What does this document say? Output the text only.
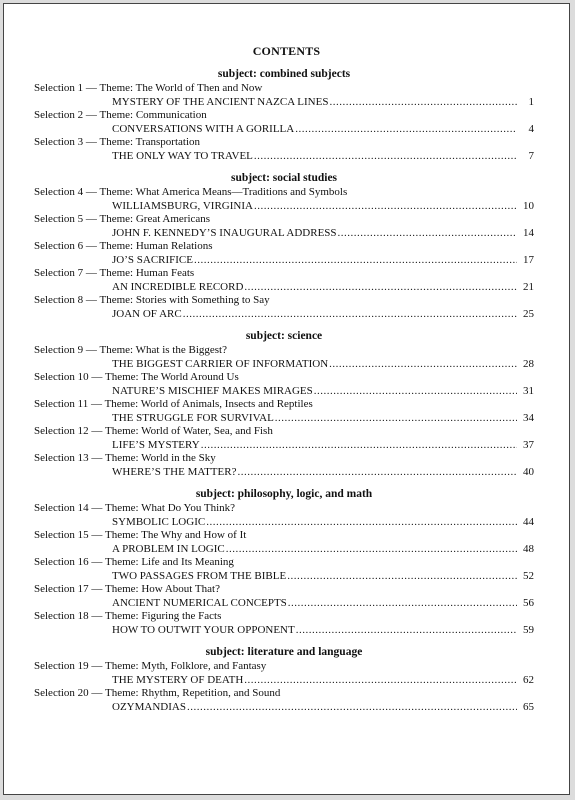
CONTENTS
subject: combined subjects
Selection 1 — Theme: The World of Then and Now
MYSTERY OF THE ANCIENT NAZCA LINES .....	1
Selection 2 — Theme: Communication
CONVERSATIONS WITH A GORILLA .....	4
Selection 3 — Theme: Transportation
THE ONLY WAY TO TRAVEL .....	7
subject: social studies
Selection 4 — Theme: What America Means—Traditions and Symbols
WILLIAMSBURG, VIRGINIA .....	10
Selection 5 — Theme: Great Americans
JOHN F. KENNEDY’S INAUGURAL ADDRESS .....	14
Selection 6 — Theme: Human Relations
JO’S SACRIFICE .....	17
Selection 7 — Theme: Human Feats
AN INCREDIBLE RECORD .....	21
Selection 8 — Theme: Stories with Something to Say
JOAN OF ARC .....	25
subject: science
Selection 9 — Theme: What is the Biggest?
THE BIGGEST CARRIER OF INFORMATION .....	28
Selection 10 — Theme: The World Around Us
NATURE’S MISCHIEF MAKES MIRAGES .....	31
Selection 11 — Theme: World of Animals, Insects and Reptiles
THE STRUGGLE FOR SURVIVAL .....	34
Selection 12 — Theme: World of Water, Sea, and Fish
LIFE’S MYSTERY .....	37
Selection 13 — Theme: World in the Sky
WHERE’S THE MATTER? .....	40
subject: philosophy, logic, and math
Selection 14 — Theme: What Do You Think?
SYMBOLIC LOGIC .....	44
Selection 15 — Theme: The Why and How of It
A PROBLEM IN LOGIC .....	48
Selection 16 — Theme: Life and Its Meaning
TWO PASSAGES FROM THE BIBLE .....	52
Selection 17 — Theme: How About That?
ANCIENT NUMERICAL CONCEPTS .....	56
Selection 18 — Theme: Figuring the Facts
HOW TO OUTWIT YOUR OPPONENT .....	59
subject: literature and language
Selection 19 — Theme: Myth, Folklore, and Fantasy
THE MYSTERY OF DEATH .....	62
Selection 20 — Theme: Rhythm, Repetition, and Sound
OZYMANDIAS .....	65
